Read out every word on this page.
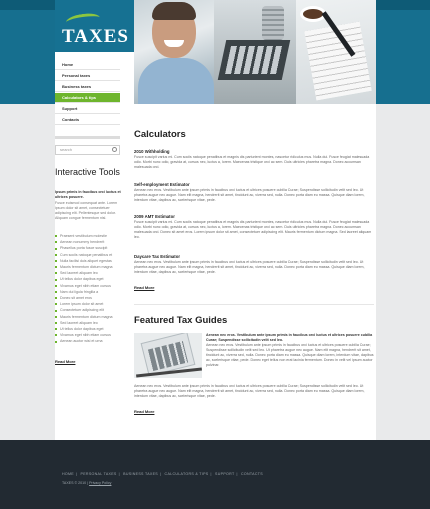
TAXES
Home
Personal taxes
Business taxes
Calculators & tips
Support
Contacts
search
Interactive Tools
Ipsum primis in faucibus orci luctus et ultrices posuere.
Fusce euismod consequat ante. Lorem ipsum dolor sit amet, consectetuer adipiscing elit. Pellentesque sed dolor. Aliquam congue fermentum nisl.
Praesent vestibulum molestie
Aenean nonummy hendrerit
Phasellus porta fusce suscipit
Cum sociis natoque penatibus et
Nulla facilisi duis aliquet egestas
Mauris fermentum dictum magna
Sed laoreet aliquam leo
Ut tellus dolor dapibus eget
Vivamus eget nibh etiam cursus
Nam dui ligula fringilla a
Donec sit amet eros
Lorem ipsum dolor sit amet
Consectetuer adipiscing elit
Mauris fermentum dictum magna
Sed laoreet aliquam leo
Ut tellus dolor dapibus eget
Vivamus eget nibh etiam cursus
Aenean auctor wisi et urna
Read More
Calculators
2010 Withholding

Fusce suscipit varius mi. Cum sociis natoque penatibus et magnis dis parturient montes, nascetur ridiculus mus. Nulla dui. Fusce feugiat malesuada odio. Morbi nunc odio, gravida at, cursus nec, luctus a, lorem. Maecenas tristique orci ac sem. Duis ultricies pharetra magna. Donec accumsan malesuada orci.

Self-employment Estimator

Aenean nec eros. Vestibulum ante ipsum primis in faucibus orci luctus et ultrices posuere cubilia Curae; Suspendisse sollicitudin velit sed leo. Ut pharetra augue nec augue. Nam elit magna, hendrerit sit amet, tincidunt ac, viverra sed, nulla. Donec porta diam eu massa. Quisque diam lorem, interdum vitae, dapibus ac, scelerisque vitae, pede.

2009 AMT Estimator

Fusce suscipit varius mi. Cum sociis natoque penatibus et magnis dis parturient montes, nascetur ridiculus mus. Nulla dui. Fusce feugiat malesuada odio. Morbi nunc odio, gravida at, cursus nec, luctus a, lorem. Maecenas tristique orci ac sem. Duis ultricies pharetra magna. Donec accumsan malesuada orci. Donec sit amet eros. Lorem ipsum dolor sit amet, consectetuer adipiscing elit. Mauris fermentum dictum magna. Sed laoreet aliquam leo.

Daycare Tax Estimator

Aenean nec eros. Vestibulum ante ipsum primis in faucibus orci luctus et ultrices posuere cubilia Curae; Suspendisse sollicitudin velit sed leo. Ut pharetra augue nec augue. Nam elit magna, hendrerit sit amet, tincidunt ac, viverra sed, nulla. Donec porta diam eu massa. Quisque diam lorem, interdum vitae, dapibus ac, scelerisque vitae, pede.

Read More
Featured Tax Guides
Aenean nec eros. Vestibulum ante ipsum primis in faucibus orci luctus et ultrices posuere cubilia Curae; Suspendisse sollicitudin velit sed leo.
Aenean nec eros. Vestibulum ante ipsum primis in faucibus orci luctus et ultrices posuere cubilia Curae; Suspendisse sollicitudin velit sed leo. Ut pharetra augue nec augue. Nam elit magna, hendrerit sit amet, tincidunt ac, viverra sed, nulla. Donec porta diam eu massa. Quisque diam lorem, interdum vitae, dapibus ac, scelerisque vitae, pede. Donec eget tellus non erat lacinia fermentum. Donec in velit vel ipsum auctor pulvinar.

Aenean nec eros. Vestibulum ante ipsum primis in faucibus orci luctus et ultrices posuere cubilia Curae; Suspendisse sollicitudin velit sed leo. Ut pharetra augue nec augue. Nam elit magna, hendrerit sit amet, tincidunt ac, viverra sed, nulla. Donec porta diam eu massa. Quisque diam lorem, interdum vitae, dapibus ac, scelerisque vitae, pede.

Read More
HOME | PERSONAL TAXES | BUSINESS TAXES | CALCULATORS & TIPS | SUPPORT | CONTACTS
TAXES © 2010 | Privacy Policy
